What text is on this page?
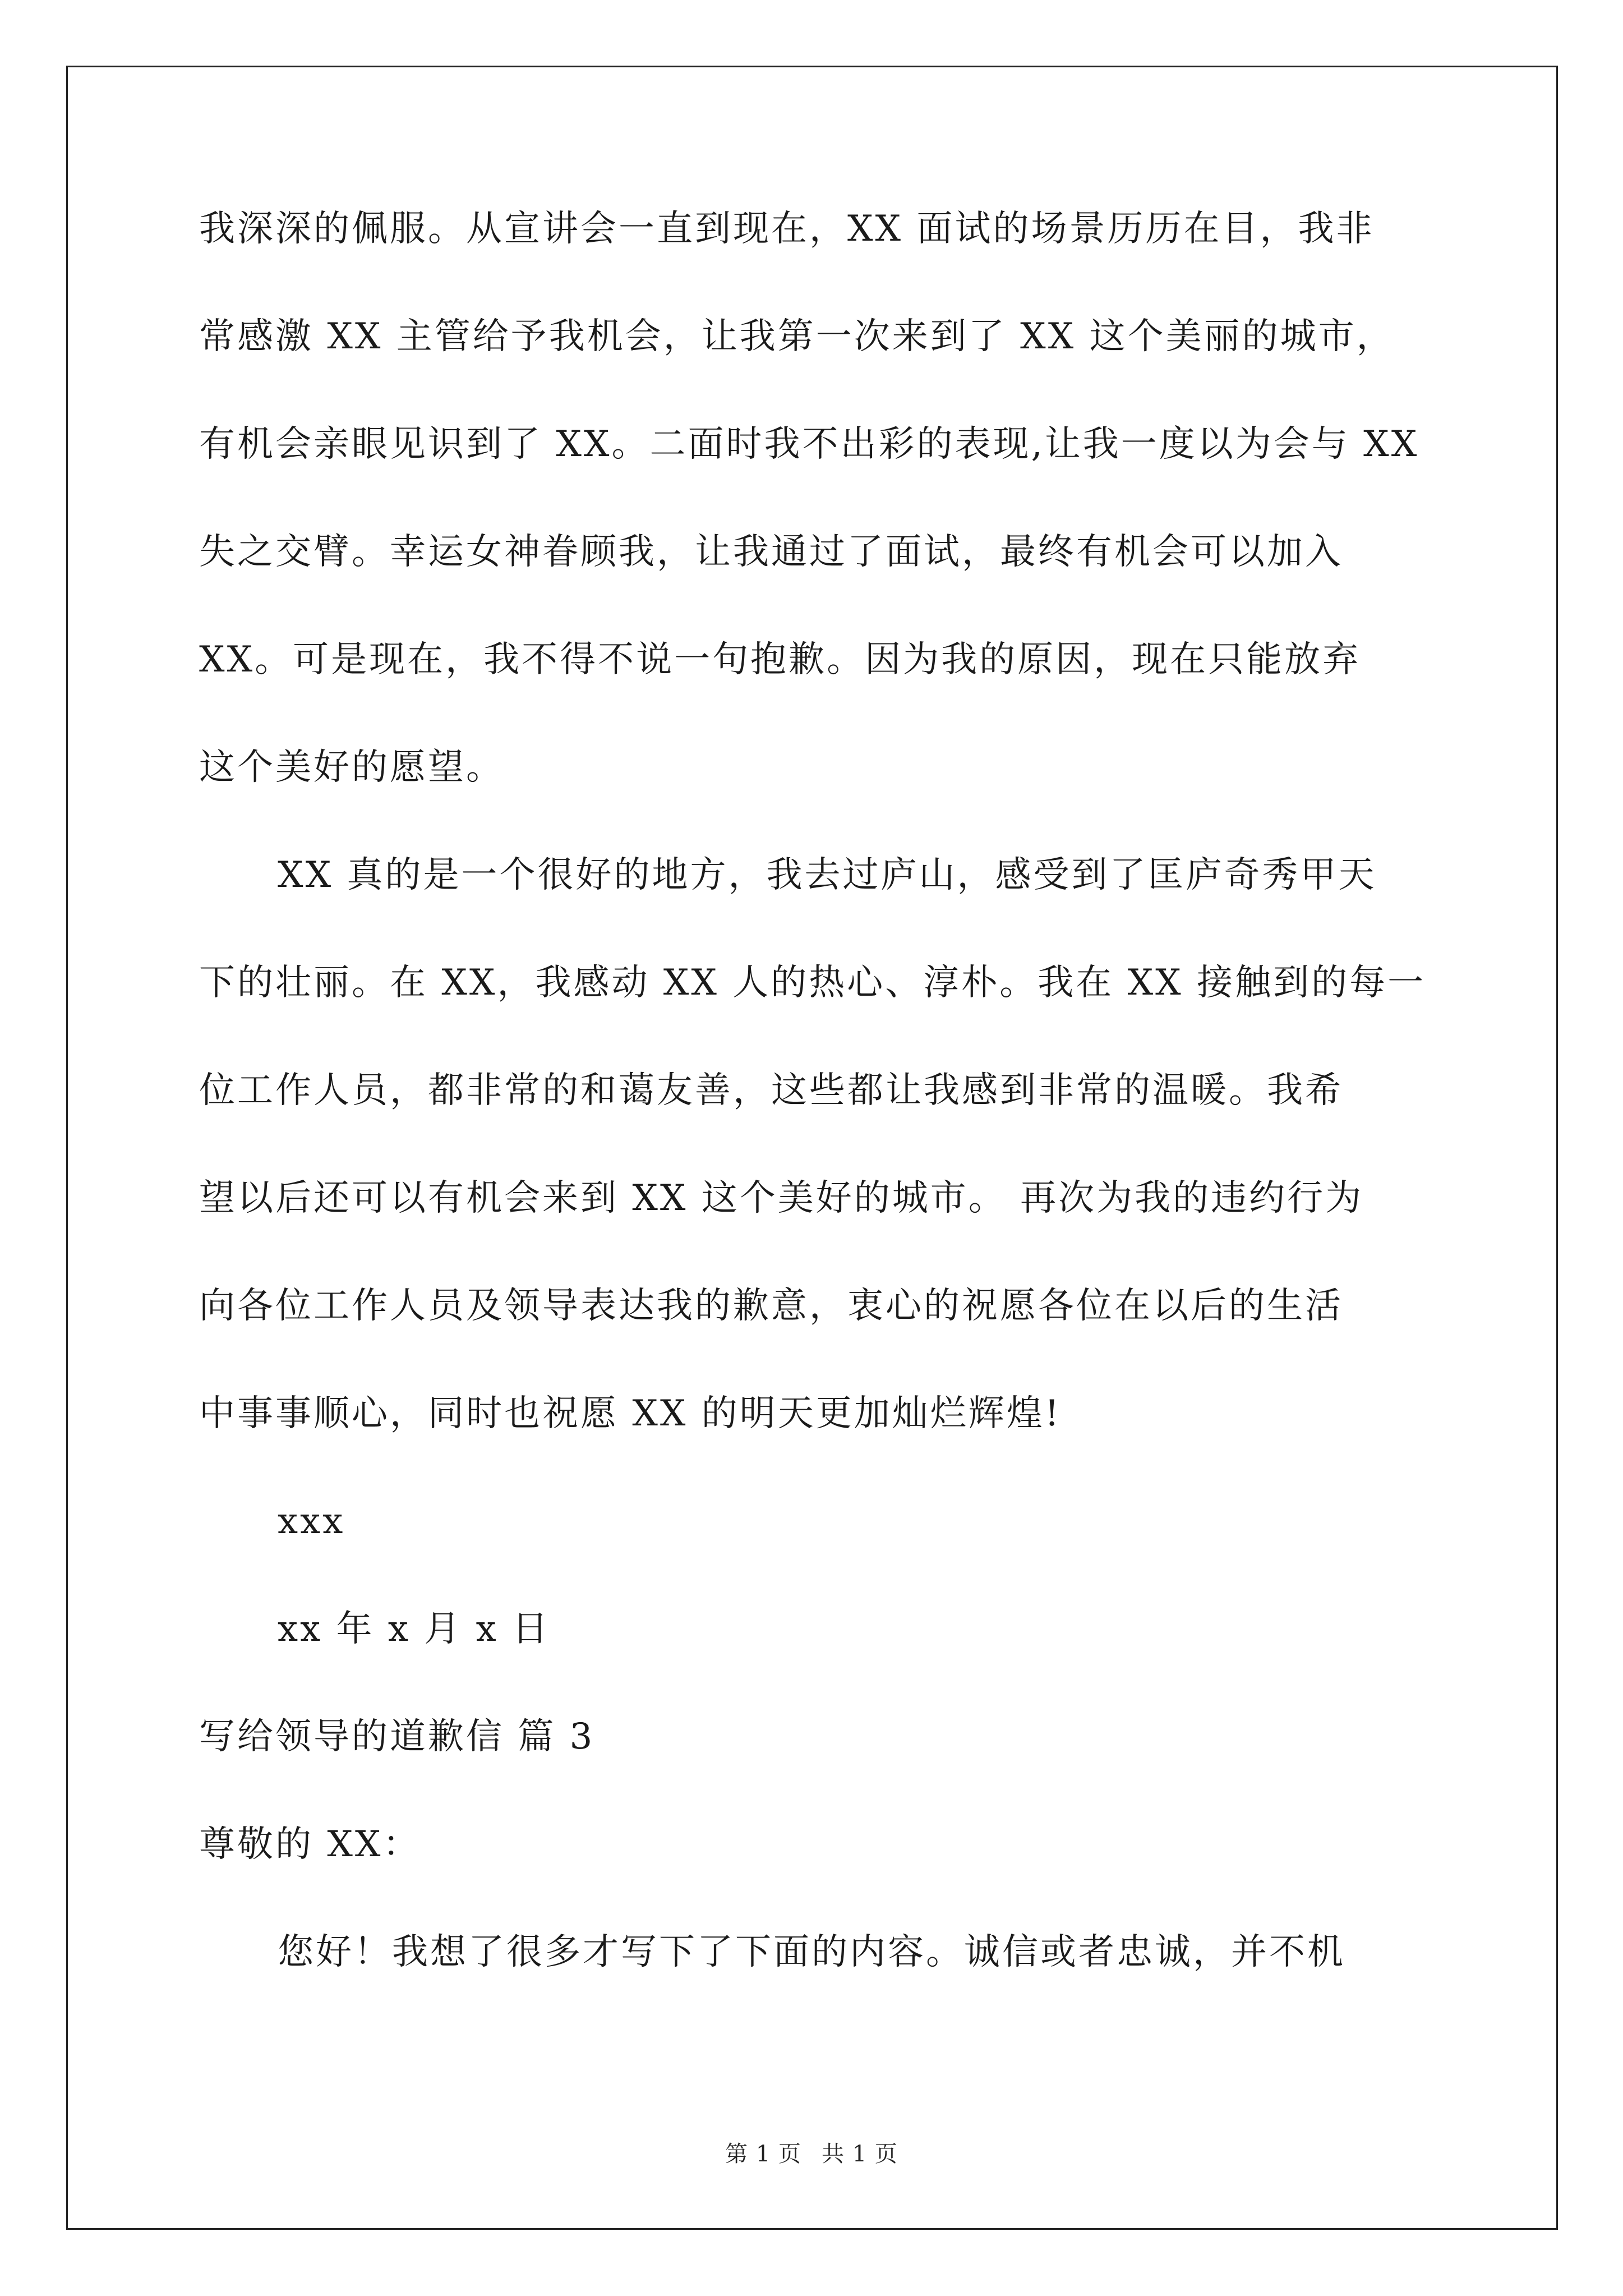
我深深的佩服。从宣讲会一直到现在，XX 面试的场景历历在目，我非
常感激 XX 主管给予我机会，让我第一次来到了 XX 这个美丽的城市，
有机会亲眼见识到了 XX。二面时我不出彩的表现,让我一度以为会与 XX
失之交臂。幸运女神眷顾我，让我通过了面试，最终有机会可以加入
XX。可是现在，我不得不说一句抱歉。因为我的原因，现在只能放弃
这个美好的愿望。
XX 真的是一个很好的地方，我去过庐山，感受到了匡庐奇秀甲天
下的壮丽。在 XX，我感动 XX 人的热心、淳朴。我在 XX 接触到的每一
位工作人员，都非常的和蔼友善，这些都让我感到非常的温暖。我希
望以后还可以有机会来到 XX 这个美好的城市。 再次为我的违约行为
向各位工作人员及领导表达我的歉意，衷心的祝愿各位在以后的生活
中事事顺心，同时也祝愿 XX 的明天更加灿烂辉煌!
xxx
xx 年 x 月 x 日
写给领导的道歉信 篇 3
尊敬的 XX：
您好！我想了很多才写下了下面的内容。诚信或者忠诚，并不机
第 1 页 共 1 页
